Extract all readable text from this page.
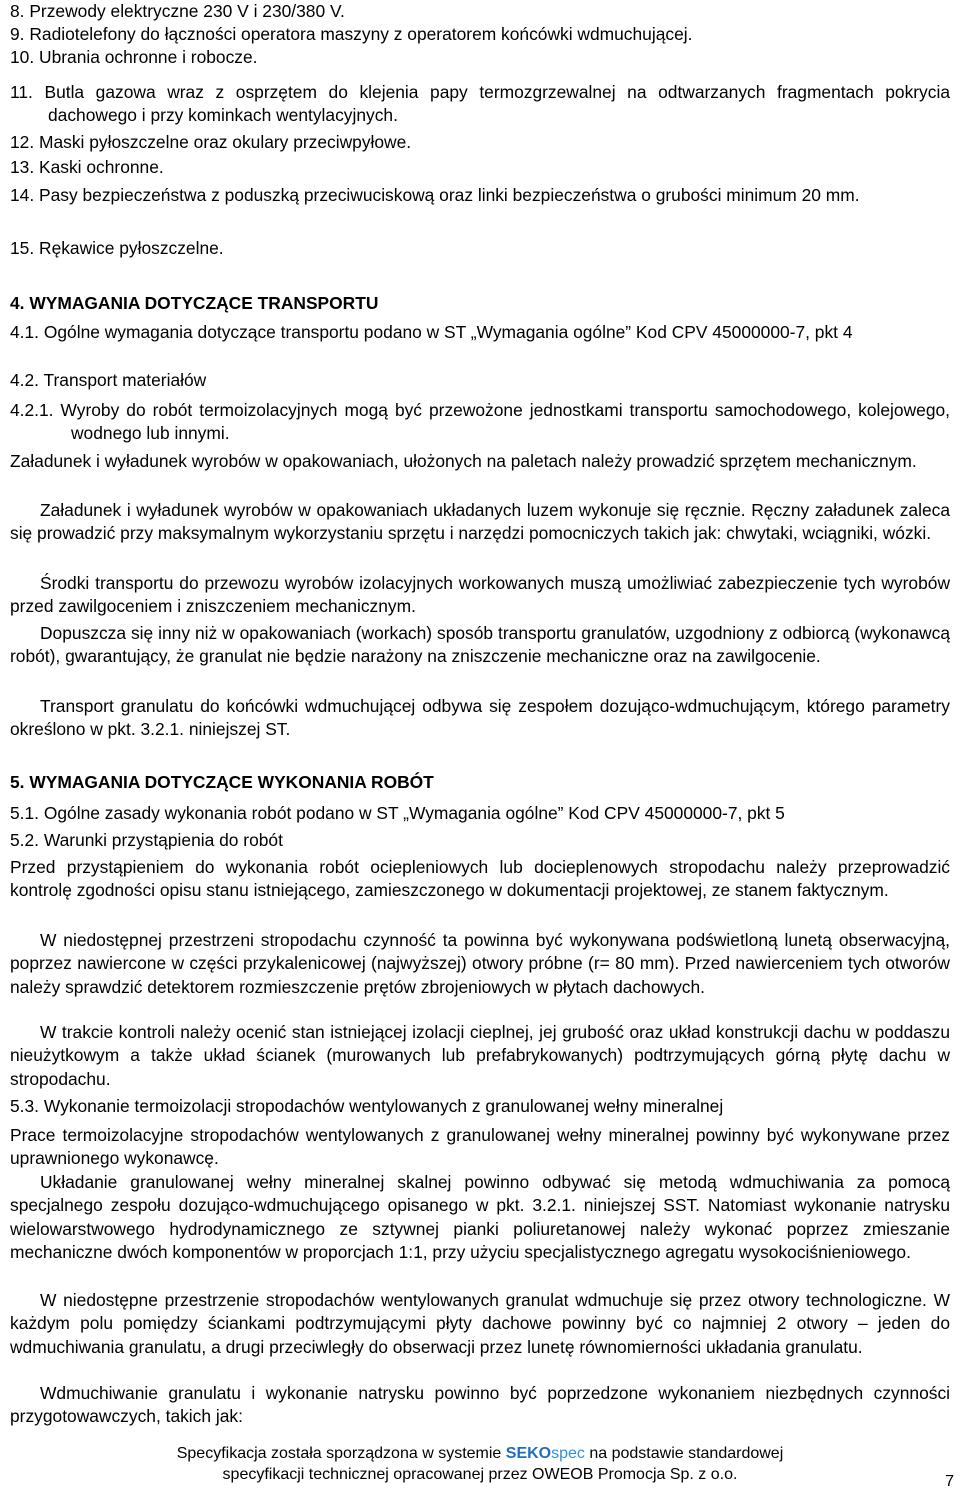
8. Przewody elektryczne 230 V i 230/380 V.
9. Radiotelefony do łączności operatora maszyny z operatorem końcówki wdmuchującej.
10. Ubrania ochronne i robocze.
11. Butla gazowa wraz z osprzętem do klejenia papy termozgrzewalnej na odtwarzanych fragmentach pokrycia dachowego i przy kominkach wentylacyjnych.
12. Maski pyłoszczelne oraz okulary przeciwpyłowe.
13. Kaski ochronne.
14. Pasy bezpieczeństwa z poduszką przeciwuciskową oraz linki bezpieczeństwa o grubości minimum 20 mm.
15. Rękawice pyłoszczelne.
4. WYMAGANIA DOTYCZĄCE TRANSPORTU
4.1. Ogólne wymagania dotyczące transportu podano w ST „Wymagania ogólne” Kod CPV 45000000-7, pkt 4
4.2. Transport materiałów
4.2.1. Wyroby do robót termoizolacyjnych mogą być przewożone jednostkami transportu samochodowego, kolejowego, wodnego lub innymi.
Załadunek i wyładunek wyrobów w opakowaniach, ułożonych na paletach należy prowadzić sprzętem mechanicznym.
Załadunek i wyładunek wyrobów w opakowaniach układanych luzem wykonuje się ręcznie. Ręczny załadunek zaleca się prowadzić przy maksymalnym wykorzystaniu sprzętu i narzędzi pomocniczych takich jak: chwytaki, wciągniki, wózki.
Środki transportu do przewozu wyrobów izolacyjnych workowanych muszą umożliwiać zabezpieczenie tych wyrobów przed zawilgoceniem i zniszczeniem mechanicznym.
Dopuszcza się inny niż w opakowaniach (workach) sposób transportu granulatów, uzgodniony z odbiorcą (wykonawcą robót), gwarantujący, że granulat nie będzie narażony na zniszczenie mechaniczne oraz na zawilgocenie.
Transport granulatu do końcówki wdmuchującej odbywa się zespołem dozująco-wdmuchującym, którego parametry określono w pkt. 3.2.1. niniejszej ST.
5. WYMAGANIA DOTYCZĄCE WYKONANIA ROBÓT
5.1. Ogólne zasady wykonania robót podano w ST „Wymagania ogólne” Kod CPV 45000000-7, pkt 5
5.2. Warunki przystąpienia do robót
Przed przystąpieniem do wykonania robót ociepleniowych lub docieplenowych stropodachu należy przeprowadzić kontrolę zgodności opisu stanu istniejącego, zamieszczonego w dokumentacji projektowej, ze stanem faktycznym.
W niedostępnej przestrzeni stropodachu czynność ta powinna być wykonywana podświetloną lunetą obserwacyjną, poprzez nawiercone w części przykalenicowej (najwyższej) otwory próbne (r= 80 mm). Przed nawierceniem tych otworów należy sprawdzić detektorem rozmieszczenie prętów zbrojeniowych w płytach dachowych.
W trakcie kontroli należy ocenić stan istniejącej izolacji cieplnej, jej grubość oraz układ konstrukcji dachu w poddaszu nieużytkowym a także układ ścianek (murowanych lub prefabrykowanych) podtrzymujących górną płytę dachu w stropodachu.
5.3. Wykonanie termoizolacji stropodachów wentylowanych z granulowanej wełny mineralnej
Prace termoizolacyjne stropodachów wentylowanych z granulowanej wełny mineralnej powinny być wykonywane przez uprawnionego wykonawcę.
Układanie granulowanej wełny mineralnej skalnej powinno odbywać się metodą wdmuchiwania za pomocą specjalnego zespołu dozująco-wdmuchującego opisanego w pkt. 3.2.1. niniejszej SST. Natomiast wykonanie natrysku wielowarstwowego hydrodynamicznego ze sztywnej pianki poliuretanowej należy wykonać poprzez zmieszanie mechaniczne dwóch komponentów w proporcjach 1:1, przy użyciu specjalistycznego agregatu wysokociśnieniowego.
W niedostępne przestrzenie stropodachów wentylowanych granulat wdmuchuje się przez otwory technologiczne. W każdym polu pomiędzy ściankami podtrzymującymi płyty dachowe powinny być co najmniej 2 otwory – jeden do wdmuchiwania granulatu, a drugi przeciwległy do obserwacji przez lunetę równomierności układania granulatu.
Wdmuchiwanie granulatu i wykonanie natrysku powinno być poprzedzone wykonaniem niezbędnych czynności przygotowawczych, takich jak:
Specyfikacja została sporządzona w systemie SEKOspec na podstawie standardowej
specyfikacji technicznej opracowanej przez OWEOB Promocja Sp. z o.o.	7
